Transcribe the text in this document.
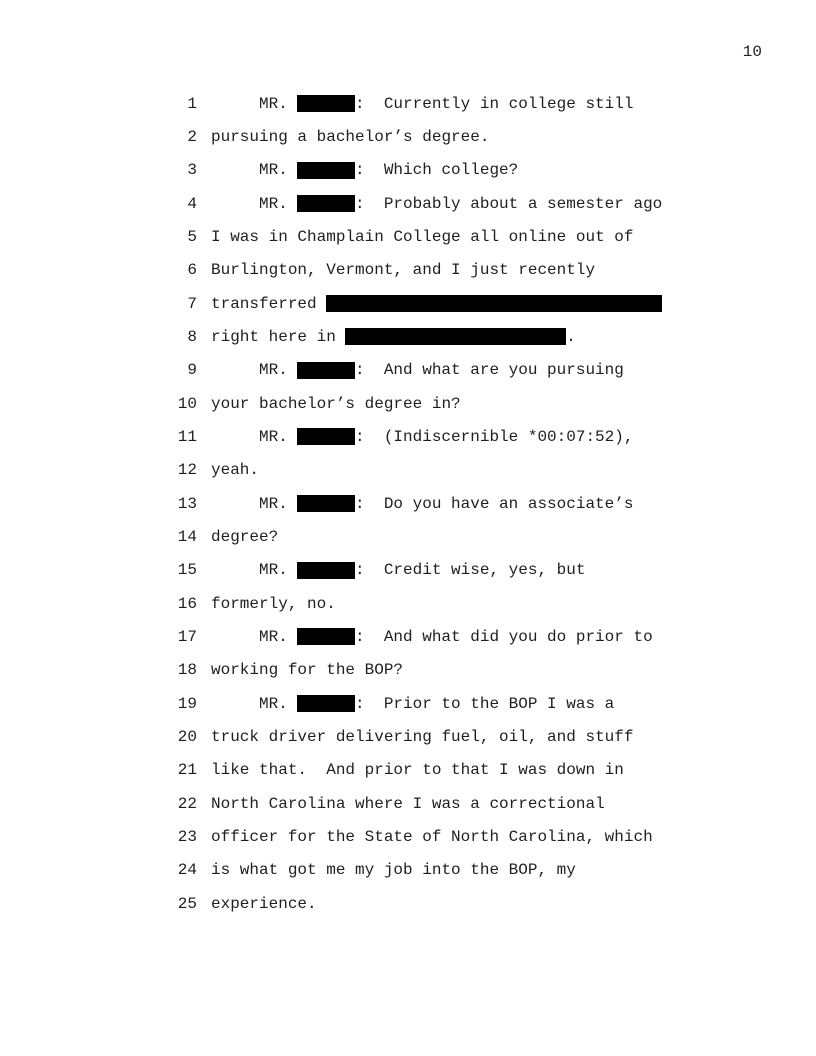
10
1	MR.	:  Currently in college still
2 pursuing a bachelor’s degree.
3	MR.	:  Which college?
4	MR.	:  Probably about a semester ago
5 I was in Champlain College all online out of
6 Burlington, Vermont, and I just recently
7 transferred
8 right here in	.
9	MR.	:  And what are you pursuing
10 your bachelor’s degree in?
11	MR.	:  (Indiscernible *00:07:52),
12 yeah.
13	MR.	:  Do you have an associate’s
14 degree?
15	MR.	:  Credit wise, yes, but
16 formerly, no.
17	MR.	:  And what did you do prior to
18 working for the BOP?
19	MR.	:  Prior to the BOP I was a
20 truck driver delivering fuel, oil, and stuff
21 like that.  And prior to that I was down in
22 North Carolina where I was a correctional
23 officer for the State of North Carolina, which
24 is what got me my job into the BOP, my
25 experience.
